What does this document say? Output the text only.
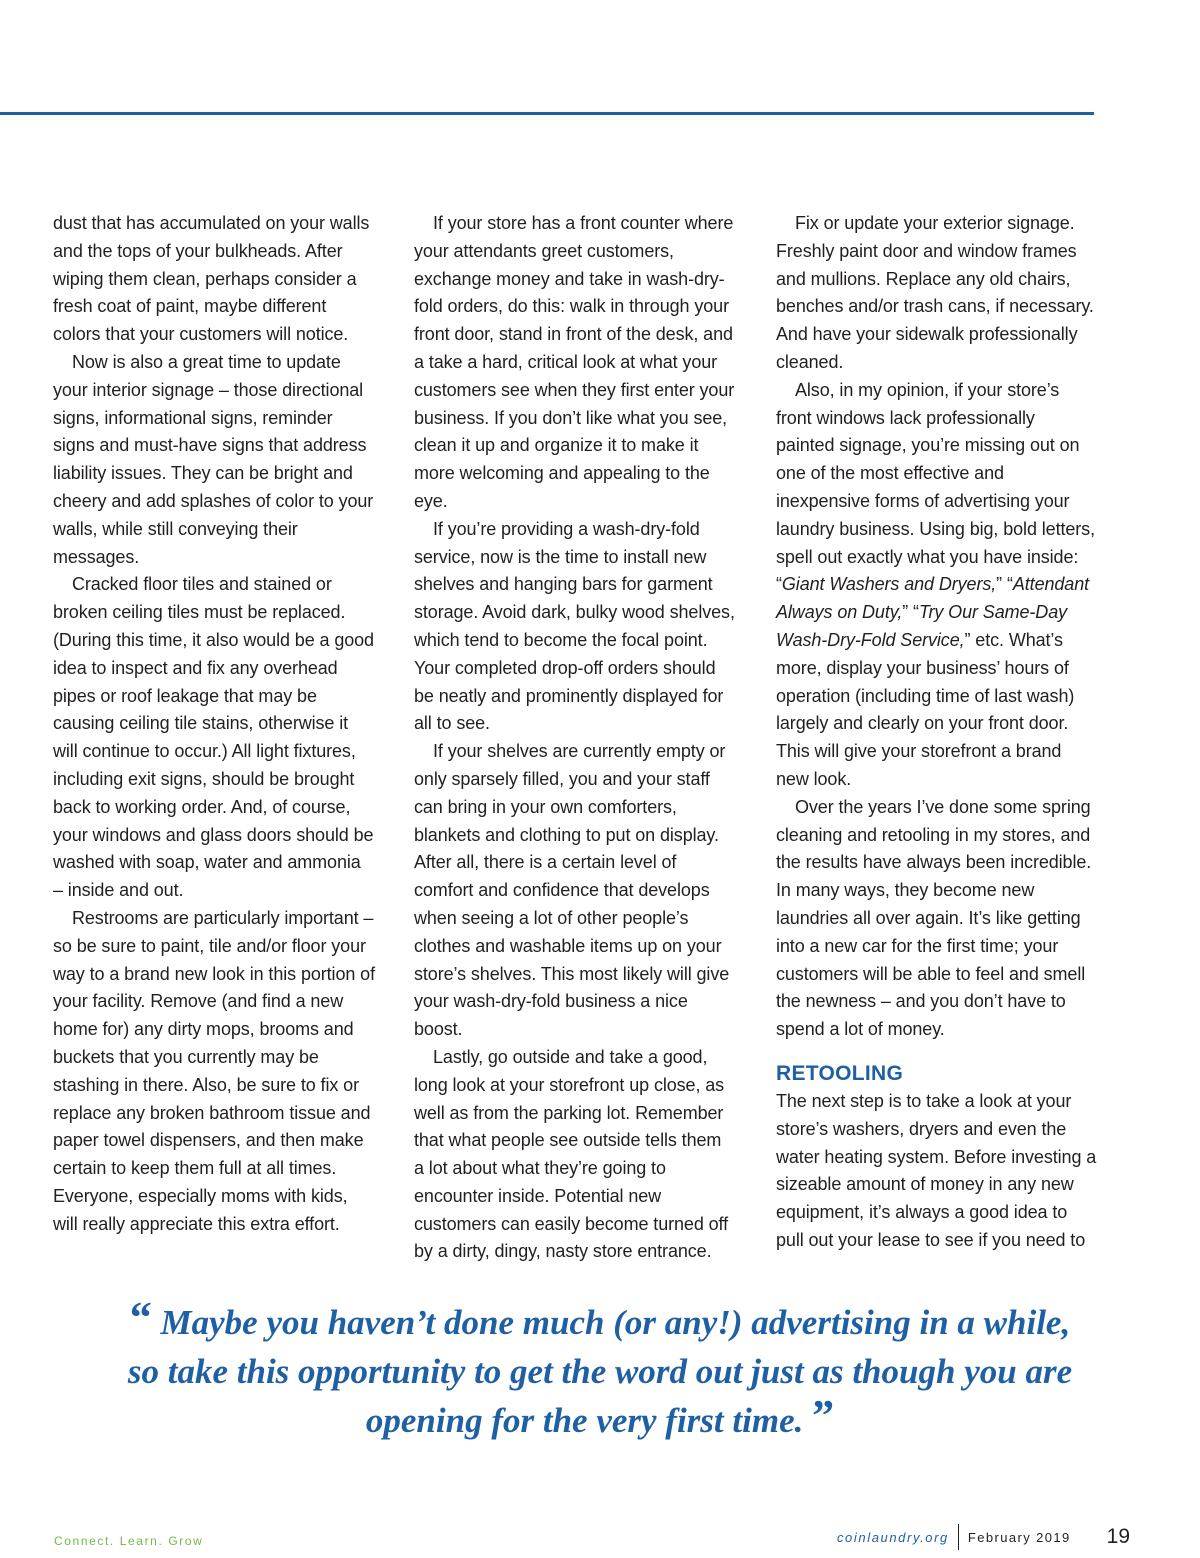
dust that has accumulated on your walls and the tops of your bulkheads. After wiping them clean, perhaps consider a fresh coat of paint, maybe different colors that your customers will notice.

Now is also a great time to update your interior signage – those directional signs, informational signs, reminder signs and must-have signs that address liability issues. They can be bright and cheery and add splashes of color to your walls, while still conveying their messages.

Cracked floor tiles and stained or broken ceiling tiles must be replaced. (During this time, it also would be a good idea to inspect and fix any overhead pipes or roof leakage that may be causing ceiling tile stains, otherwise it will continue to occur.) All light fixtures, including exit signs, should be brought back to working order. And, of course, your windows and glass doors should be washed with soap, water and ammonia – inside and out.

Restrooms are particularly important – so be sure to paint, tile and/or floor your way to a brand new look in this portion of your facility. Remove (and find a new home for) any dirty mops, brooms and buckets that you currently may be stashing in there. Also, be sure to fix or replace any broken bathroom tissue and paper towel dispensers, and then make certain to keep them full at all times. Everyone, especially moms with kids, will really appreciate this extra effort.

If your store has a front counter where your attendants greet customers, exchange money and take in wash-dry-fold orders, do this: walk in through your front door, stand in front of the desk, and a take a hard, critical look at what your customers see when they first enter your business. If you don’t like what you see, clean it up and organize it to make it more welcoming and appealing to the eye.

If you’re providing a wash-dry-fold service, now is the time to install new shelves and hanging bars for garment storage. Avoid dark, bulky wood shelves, which tend to become the focal point. Your completed drop-off orders should be neatly and prominently displayed for all to see.

If your shelves are currently empty or only sparsely filled, you and your staff can bring in your own comforters, blankets and clothing to put on display. After all, there is a certain level of comfort and confidence that develops when seeing a lot of other people’s clothes and washable items up on your store’s shelves. This most likely will give your wash-dry-fold business a nice boost.

Lastly, go outside and take a good, long look at your storefront up close, as well as from the parking lot. Remember that what people see outside tells them a lot about what they’re going to encounter inside. Potential new customers can easily become turned off by a dirty, dingy, nasty store entrance.

Fix or update your exterior signage. Freshly paint door and window frames and mullions. Replace any old chairs, benches and/or trash cans, if necessary. And have your sidewalk professionally cleaned.

Also, in my opinion, if your store’s front windows lack professionally painted signage, you’re missing out on one of the most effective and inexpensive forms of advertising your laundry business. Using big, bold letters, spell out exactly what you have inside: “Giant Washers and Dryers,” “Attendant Always on Duty,” “Try Our Same-Day Wash-Dry-Fold Service,” etc. What’s more, display your business’ hours of operation (including time of last wash) largely and clearly on your front door. This will give your storefront a brand new look.

Over the years I’ve done some spring cleaning and retooling in my stores, and the results have always been incredible. In many ways, they become new laundries all over again. It’s like getting into a new car for the first time; your customers will be able to feel and smell the newness – and you don’t have to spend a lot of money.

RETOOLING

The next step is to take a look at your store’s washers, dryers and even the water heating system. Before investing a sizeable amount of money in any new equipment, it’s always a good idea to pull out your lease to see if you need to

“ Maybe you haven’t done much (or any!) advertising in a while, so take this opportunity to get the word out just as though you are opening for the very first time. ”
Connect. Learn. Grow	coinlaundry.org February 2019 19
